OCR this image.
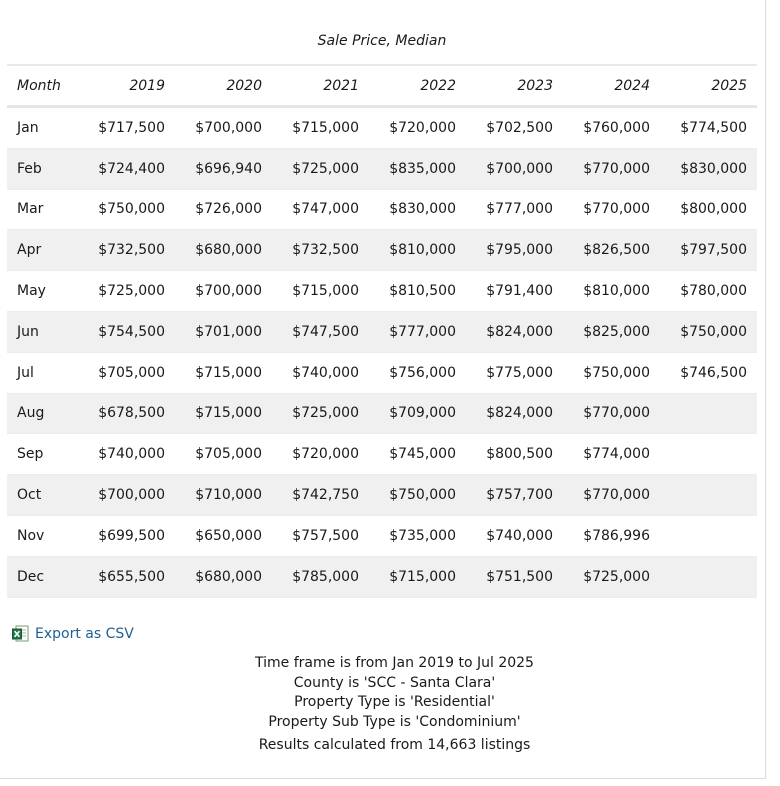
Sale Price, Median
Month	2019	2020	2021	2022	2023	2024	2025
Jan	$717,500	$700,000	$715,000	$720,000	$702,500	$760,000	$774,500
Feb	$724,400	$696,940	$725,000	$835,000	$700,000	$770,000	$830,000
Mar	$750,000	$726,000	$747,000	$830,000	$777,000	$770,000	$800,000
Apr	$732,500	$680,000	$732,500	$810,000	$795,000	$826,500	$797,500
May	$725,000	$700,000	$715,000	$810,500	$791,400	$810,000	$780,000
Jun	$754,500	$701,000	$747,500	$777,000	$824,000	$825,000	$750,000
Jul	$705,000	$715,000	$740,000	$756,000	$775,000	$750,000	$746,500
Aug	$678,500	$715,000	$725,000	$709,000	$824,000	$770,000	
Sep	$740,000	$705,000	$720,000	$745,000	$800,500	$774,000	
Oct	$700,000	$710,000	$742,750	$750,000	$757,700	$770,000	
Nov	$699,500	$650,000	$757,500	$735,000	$740,000	$786,996	
Dec	$655,500	$680,000	$785,000	$715,000	$751,500	$725,000	
Export as CSV
Time frame is from Jan 2019 to Jul 2025
County is 'SCC - Santa Clara'
Property Type is 'Residential'
Property Sub Type is 'Condominium'
Results calculated from 14,663 listings
